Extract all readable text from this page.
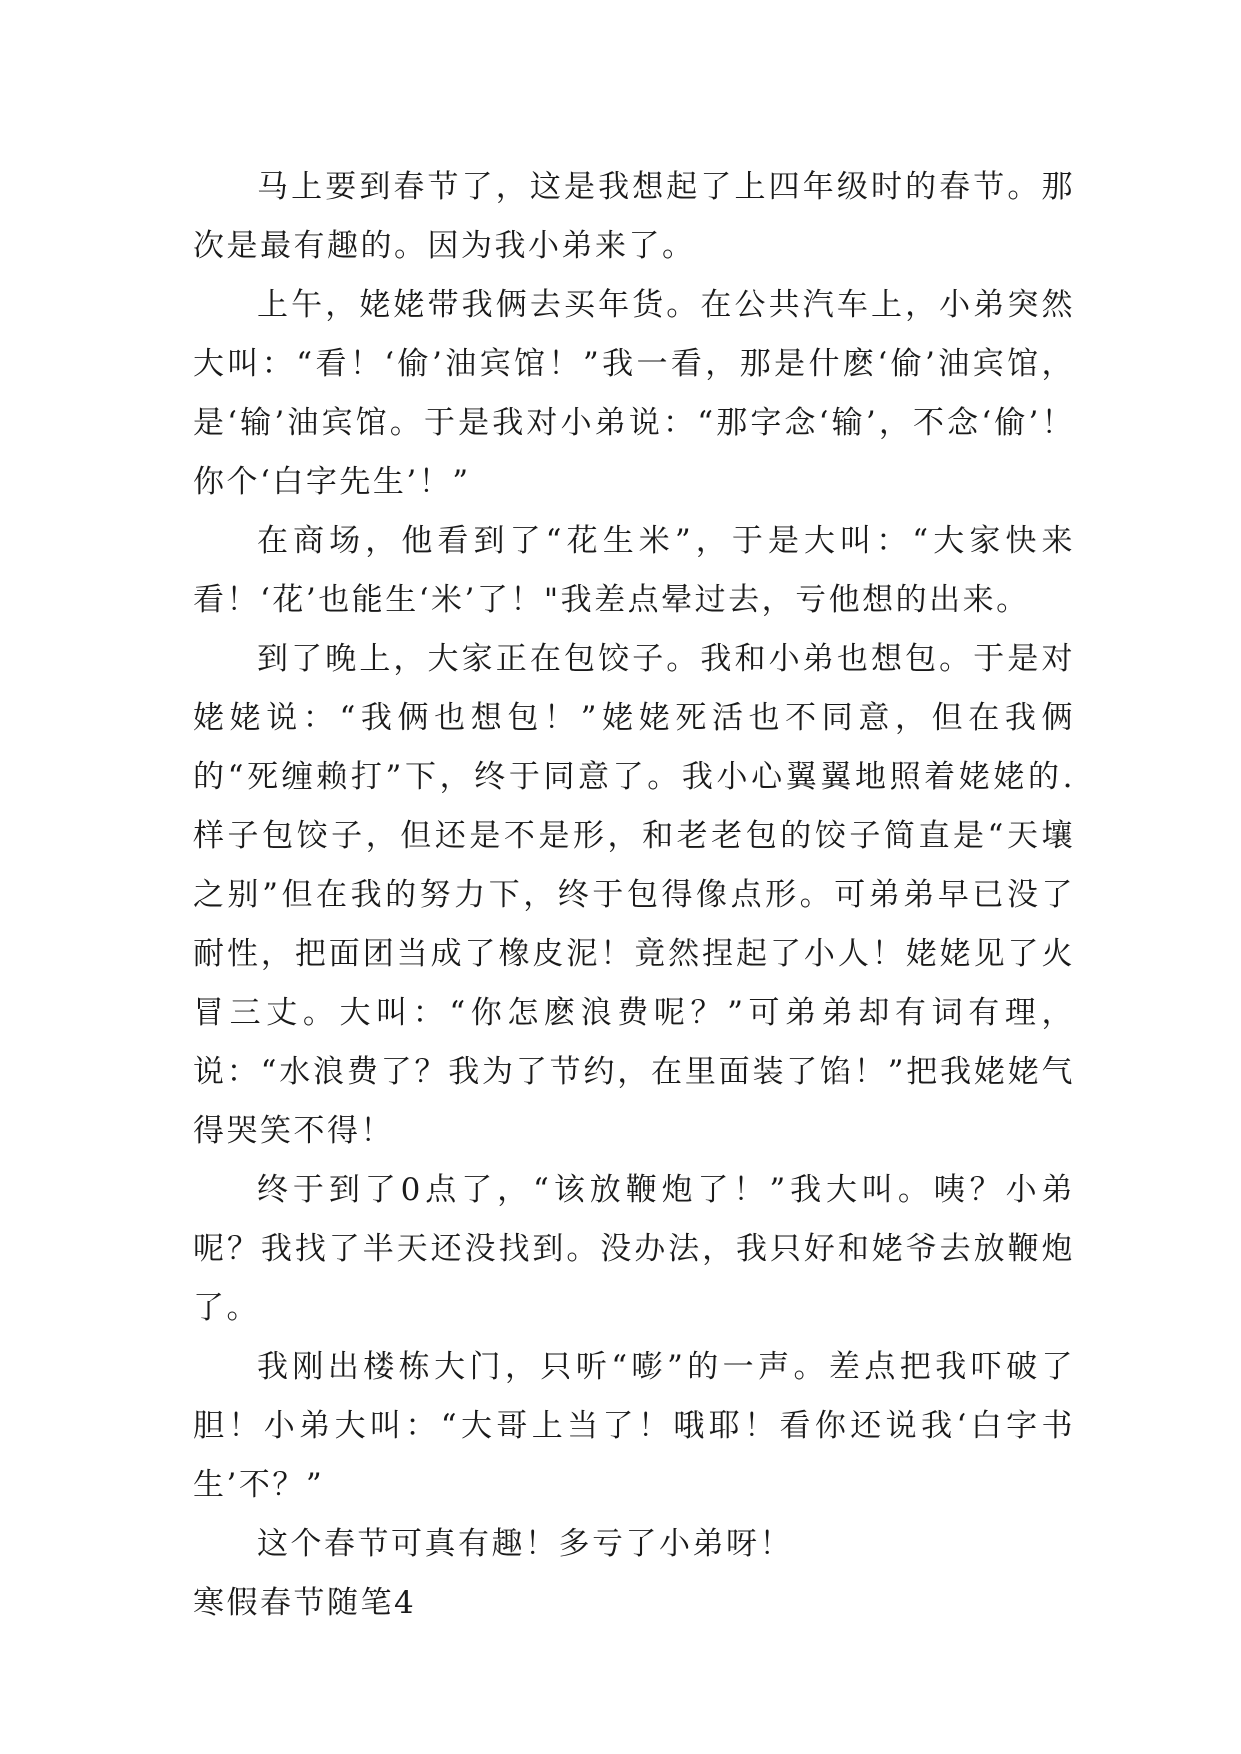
马上要到春节了，这是我想起了上四年级时的春节。那次是最有趣的。因为我小弟来了。

上午，姥姥带我俩去买年货。在公共汽车上，小弟突然大叫：“看！‘偷’油宾馆！”我一看，那是什麽‘偷’油宾馆，是‘输’油宾馆。于是我对小弟说：“那字念‘输’，不念‘偷’！你个‘白字先生’！”

在商场，他看到了“花生米”，于是大叫：“大家快来看！‘花’也能生‘米’了！"我差点晕过去，亏他想的出来。

到了晚上，大家正在包饺子。我和小弟也想包。于是对姥姥说：“我俩也想包！”姥姥死活也不同意，但在我俩的“死缠赖打”下，终于同意了。我小心翼翼地照着姥姥的.样子包饺子，但还是不是形，和老老包的饺子简直是“天壤之别”但在我的努力下，终于包得像点形。可弟弟早已没了耐性，把面团当成了橡皮泥！竟然捏起了小人！姥姥见了火冒三丈。大叫：“你怎麽浪费呢？”可弟弟却有词有理，说：“水浪费了？我为了节约，在里面装了馅！”把我姥姥气得哭笑不得！

终于到了0点了，“该放鞭炮了！”我大叫。咦？小弟呢？我找了半天还没找到。没办法，我只好和姥爷去放鞭炮了。

我刚出楼栋大门，只听“嘭”的一声。差点把我吓破了胆！小弟大叫：“大哥上当了！哦耶！看你还说我‘白字书生’不？”

这个春节可真有趣！多亏了小弟呀！

寒假春节随笔4
